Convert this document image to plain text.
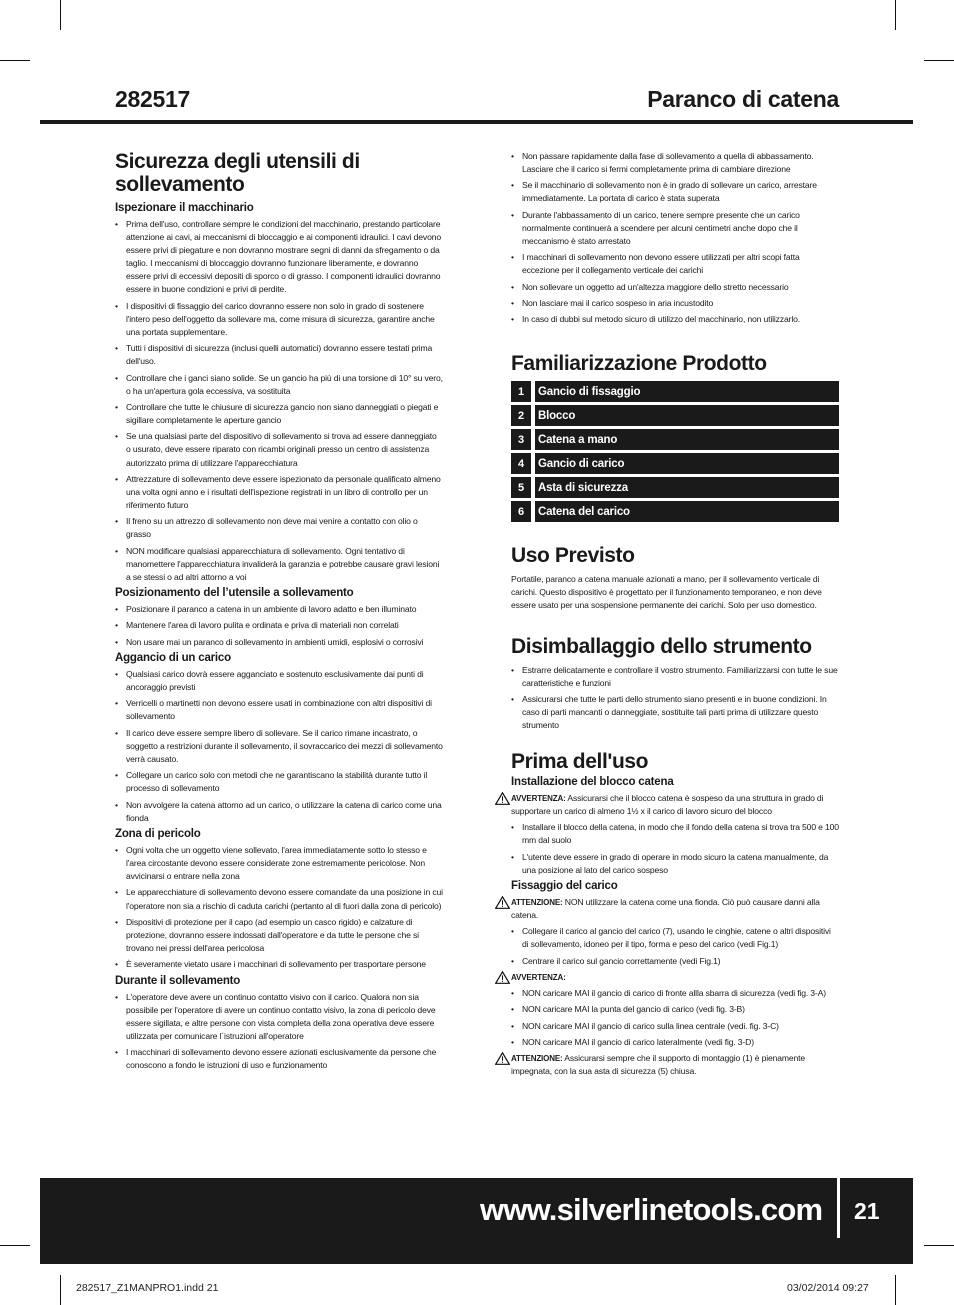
282517	Paranco di catena
Sicurezza degli utensili di sollevamento
Ispezionare il macchinario
• Prima dell'uso, controllare sempre le condizioni del macchinario, prestando particolare attenzione ai cavi, ai meccanismi di bloccaggio e ai componenti idraulici. I cavi devono essere privi di piegature e non dovranno mostrare segni di danni da sfregamento o da taglio. I meccanismi di bloccaggio dovranno funzionare liberamente, e dovranno essere privi di eccessivi depositi di sporco o di grasso. I componenti idraulici dovranno essere in buone condizioni e privi di perdite.
• I dispositivi di fissaggio del carico dovranno essere non solo in grado di sostenere l'intero peso dell'oggetto da sollevare ma, come misura di sicurezza, garantire anche una portata supplementare.
• Tutti i dispositivi di sicurezza (inclusi quelli automatici) dovranno essere testati prima dell'uso.
• Controllare che i ganci siano solide. Se un gancio ha più di una torsione di 10° su vero, o ha un'apertura gola eccessiva, va sostituita
• Controllare che tutte le chiusure di sicurezza gancio non siano danneggiati o piegati e sigillare completamente le aperture gancio
• Se una qualsiasi parte del dispositivo di sollevamento si trova ad essere danneggiato o usurato, deve essere riparato con ricambi originali presso un centro di assistenza autorizzato prima di utilizzare l'apparecchiatura
• Attrezzature di sollevamento deve essere ispezionato da personale qualificato almeno una volta ogni anno e i risultati dell'ispezione registrati in un libro di controllo per un riferimento futuro
• Il freno su un attrezzo di sollevamento non deve mai venire a contatto con olio o grasso
• NON modificare qualsiasi apparecchiatura di sollevamento. Ogni tentativo di manomettere l'apparecchiatura invaliderà la garanzia e potrebbe causare gravi lesioni a se stessi o ad altri attorno a voi
Posizionamento del l’utensile a sollevamento
• Posizionare il paranco a catena in un ambiente di lavoro adatto e ben illuminato
• Mantenere l'area di lavoro pulita e ordinata e priva di materiali non correlati
• Non usare mai un paranco di sollevamento in ambienti umidi, esplosivi o corrosivi
Aggancio di un carico
• Qualsiasi carico dovrà essere agganciato e sostenuto esclusivamente dai punti di ancoraggio previsti
• Verricelli o martinetti non devono essere usati in combinazione con altri dispositivi di sollevamento
• Il carico deve essere sempre libero di sollevare. Se il carico rimane incastrato, o soggetto a restrizioni durante il sollevamento, il sovraccarico dei mezzi di sollevamento verrà causato.
• Collegare un carico solo con metodi che ne garantiscano la stabilità durante tutto il processo di sollevamento
• Non avvolgere la catena attorno ad un carico, o utilizzare la catena di carico come una fionda
Zona di pericolo
• Ogni volta che un oggetto viene sollevato, l'area immediatamente sotto lo stesso e l'area circostante devono essere considerate zone estremamente pericolose. Non avvicinarsi o entrare nella zona
• Le apparecchiature di sollevamento devono essere comandate da una posizione in cui l'operatore non sia a rischio di caduta carichi (pertanto al di fuori dalla zona di pericolo)
• Dispositivi di protezione per il capo (ad esempio un casco rigido) e calzature di protezione, dovranno essere indossati dall'operatore e da tutte le persone che si trovano nei pressi dell'area pericolosa
• È severamente vietato usare i macchinari di sollevamento per trasportare persone
Durante il sollevamento
• L'operatore deve avere un continuo contatto visivo con il carico. Qualora non sia possibile per l'operatore di avere un continuo contatto visivo, la zona di pericolo deve essere sigillata, e altre persone con vista completa della zona operativa deve essere utilizzata per comunicare l´istruzioni all'operatore
• I macchinari di sollevamento devono essere azionati esclusivamente da persone che conoscono a fondo le istruzioni di uso e funzionamento
• Non passare rapidamente dalla fase di sollevamento a quella di abbassamento. Lasciare che il carico si fermi completamente prima di cambiare direzione
• Se il macchinario di sollevamento non è in grado di sollevare un carico, arrestare immediatamente. La portata di carico è stata superata
• Durante l'abbassamento di un carico, tenere sempre presente che un carico normalmente continuerà a scendere per alcuni centimetri anche dopo che il meccanismo è stato arrestato
• I macchinari di sollevamento non devono essere utilizzati per altri scopi fatta eccezione per il collegamento verticale dei carichi
• Non sollevare un oggetto ad un'altezza maggiore dello stretto necessario
• Non lasciare mai il carico sospeso in aria incustodito
• In caso di dubbi sul metodo sicuro di utilizzo del macchinario, non utilizzarlo.
Familiarizzazione Prodotto
1	Gancio di fissaggio
2	Blocco
3	Catena a mano
4	Gancio di carico
5	Asta di sicurezza
6	Catena del carico
Uso Previsto

Portatile, paranco a catena manuale azionati a mano, per il sollevamento verticale di carichi. Questo dispositivo è progettato per il funzionamento temporaneo, e non deve essere usato per una sospensione permanente dei carichi. Solo per uso domestico.

Disimballaggio dello strumento
• Estrarre delicatamente e controllare il vostro strumento. Familiarizzarsi con tutte le sue caratteristiche e funzioni
• Assicurarsi che tutte le parti dello strumento siano presenti e in buone condizioni. In caso di parti mancanti o danneggiate, sostituite tali parti prima di utilizzare questo strumento
Prima dell'uso
Installazione del blocco catena
AVVERTENZA: Assicurarsi che il blocco catena è sospeso da una struttura in grado di supportare un carico di almeno 1½ x il carico di lavoro sicuro del blocco
• Installare il blocco della catena, in modo che il fondo della catena si trova tra 500 e 100 mm dal suolo
• L'utente deve essere in grado di operare in modo sicuro la catena manualmente, da una posizione al lato del carico sospeso
Fissaggio del carico
ATTENZIONE: NON utilizzare la catena come una fionda. Ciò può causare danni alla catena.
• Collegare il carico al gancio del carico (7), usando le cinghie, catene o altri dispositivi di sollevamento, idoneo per il tipo, forma e peso del carico (vedi Fig.1)
• Centrare il carico sul gancio correttamente (vedi Fig.1)
AVVERTENZA:
• NON caricare MAI il gancio di carico di fronte allla sbarra di sicurezza (vedi fig. 3-A)
• NON caricare MAI la punta del gancio di carico (vedi fig. 3-B)
• NON caricare MAI il gancio di carico sulla linea centrale (vedi. fig. 3-C)
• NON caricare MAI il gancio di carico lateralmente (vedi fig. 3-D)
ATTENZIONE: Assicurarsi sempre che il supporto di montaggio (1) è pienamente impegnata, con la sua asta di sicurezza (5) chiusa.
www.silverlinetools.com 21
282517_Z1MANPRO1.indd 21	03/02/2014 09:27
